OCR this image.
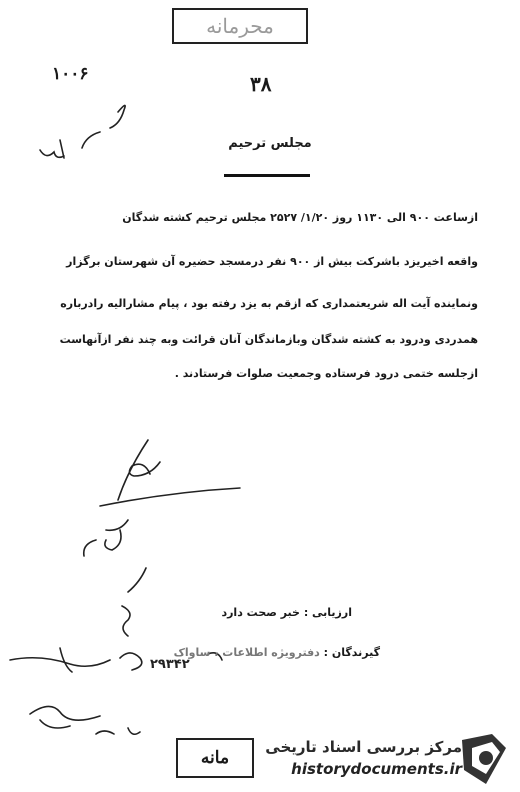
۲۹۳۴۲
محرمانه
۱۰۰۶	۳۸
مجلس ترحیم
ازساعت ۹۰۰ الی ۱۱۳۰ روز ۱/۲۰/ ۲۵۲۷ مجلس ترحیم کشته شدگان
واقعه اخیریزد باشرکت بیش از ۹۰۰ نفر درمسجد حضیره آن شهرستان برگزار
ونماینده آیت اله شریعتمداری که ازقم به یزد رفته بود ، پیام مشارالیه رادرباره
همدردی ودرود به کشته شدگان وبازماندگان آنان قرائت وبه چند نفر ازآنهاست
ازجلسه ختمی درود فرستاده وجمعیت صلوات فرستادند .
ارزیابی : خبر صحت دارد
گیرندگان : دفترویژه اطلاعات ، ساواک
مانه
مرکز بررسی اسناد تاریخی
historydocuments.ir
